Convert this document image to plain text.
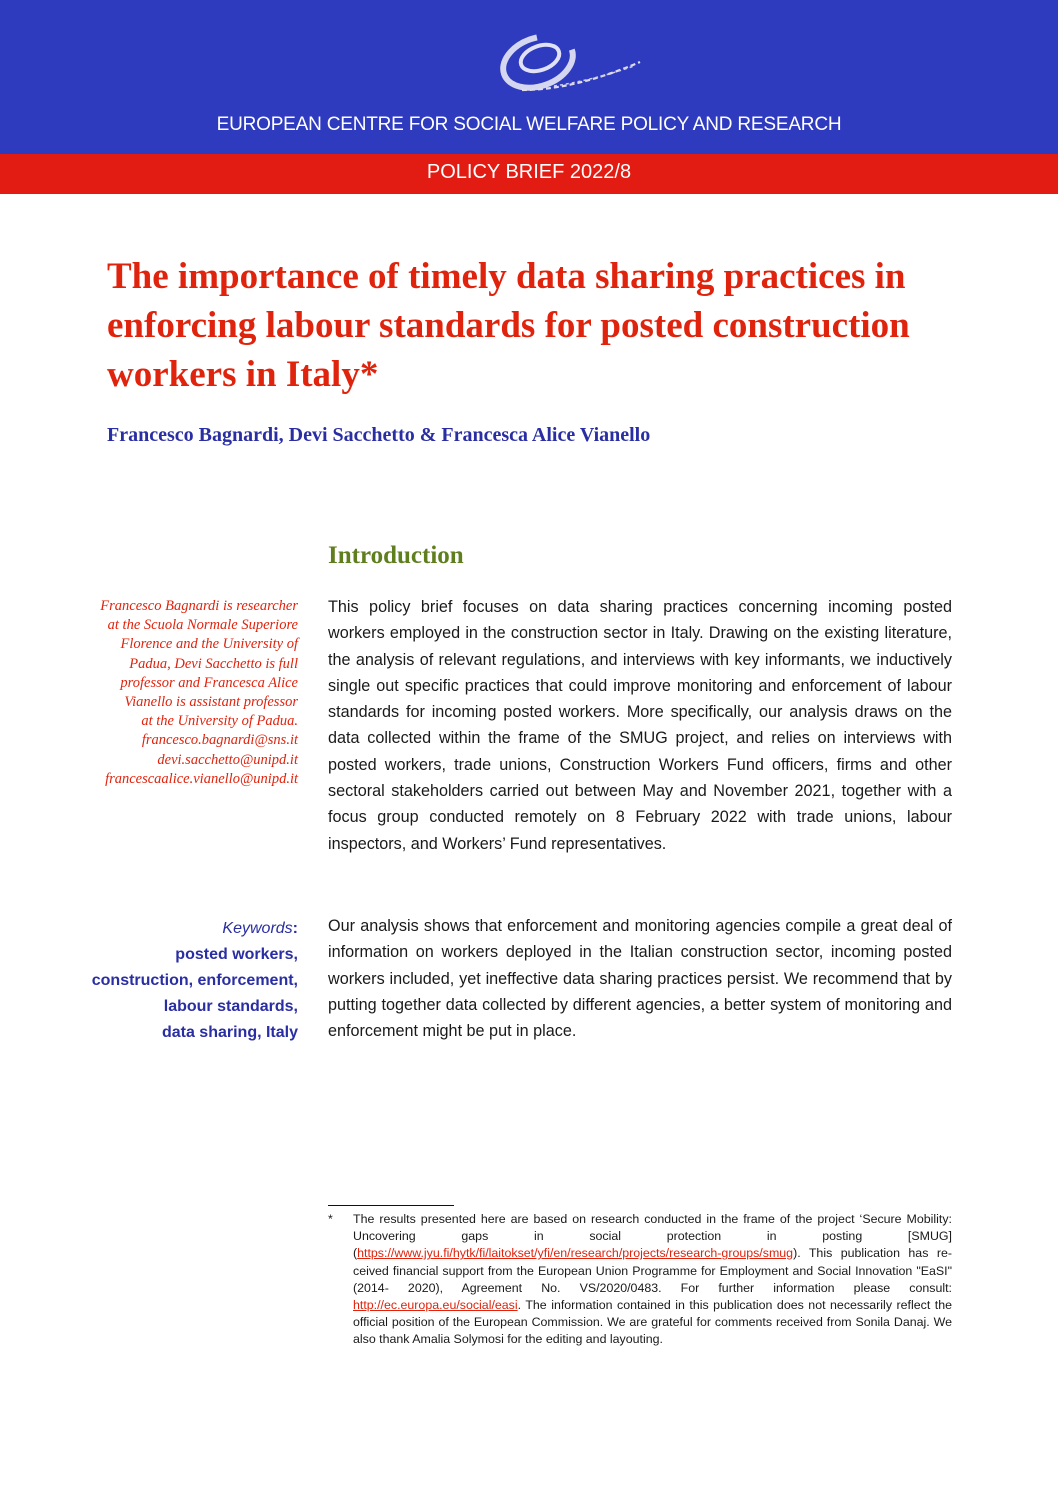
EUROPEAN CENTRE FOR SOCIAL WELFARE POLICY AND RESEARCH
POLICY BRIEF 2022/8
The importance of timely data sharing practices in enforcing labour standards for posted construction workers in Italy*
Francesco Bagnardi, Devi Sacchetto & Francesca Alice Vianello
Introduction
Francesco Bagnardi is researcher
at the Scuola Normale Superiore
Florence and the University of
Padua, Devi Sacchetto is full
professor and Francesca Alice
Vianello is assistant professor
at the University of Padua.
francesco.bagnardi@sns.it
devi.sacchetto@unipd.it
francescaalice.vianello@unipd.it
Keywords:
posted workers,
construction, enforcement,
labour standards,
data sharing, Italy

This policy brief focuses on data sharing practices concerning incoming posted workers employed in the construction sector in Italy. Drawing on the existing literature, the analysis of relevant regulations, and interviews with key informants, we inductively single out specific practices that could improve monitoring and enforcement of labour standards for incoming posted workers. More specifically, our analysis draws on the data collected within the frame of the SMUG project, and relies on interviews with posted workers, trade unions, Construction Workers Fund officers, firms and other sectoral stakeholders carried out between May and November 2021, together with a focus group conducted remotely on 8 February 2022 with trade unions, labour inspectors, and Workers’ Fund representatives.

Our analysis shows that enforcement and monitoring agencies compile a great deal of information on workers deployed in the Italian construction sector, incoming posted workers included, yet ineffective data sharing practices persist. We recommend that by putting together data collected by different agencies, a better system of monitoring and enforcement might be put in place.

* The results presented here are based on research conducted in the frame of the project ‘Secure Mobility: Uncovering gaps in social protection in posting [SMUG] (https://www.jyu.fi/hytk/fi/laitokset/yfi/en/research/projects/research-groups/smug). This publication has received financial support from the European Union Programme for Employment and Social Innovation "EaSI" (2014- 2020), Agreement No. VS/2020/0483. For further information please consult: http://ec.europa.eu/social/easi. The information contained in this publication does not necessarily reflect the official position of the European Commission. We are grateful for comments received from Sonila Danaj. We also thank Amalia Solymosi for the editing and layouting.
